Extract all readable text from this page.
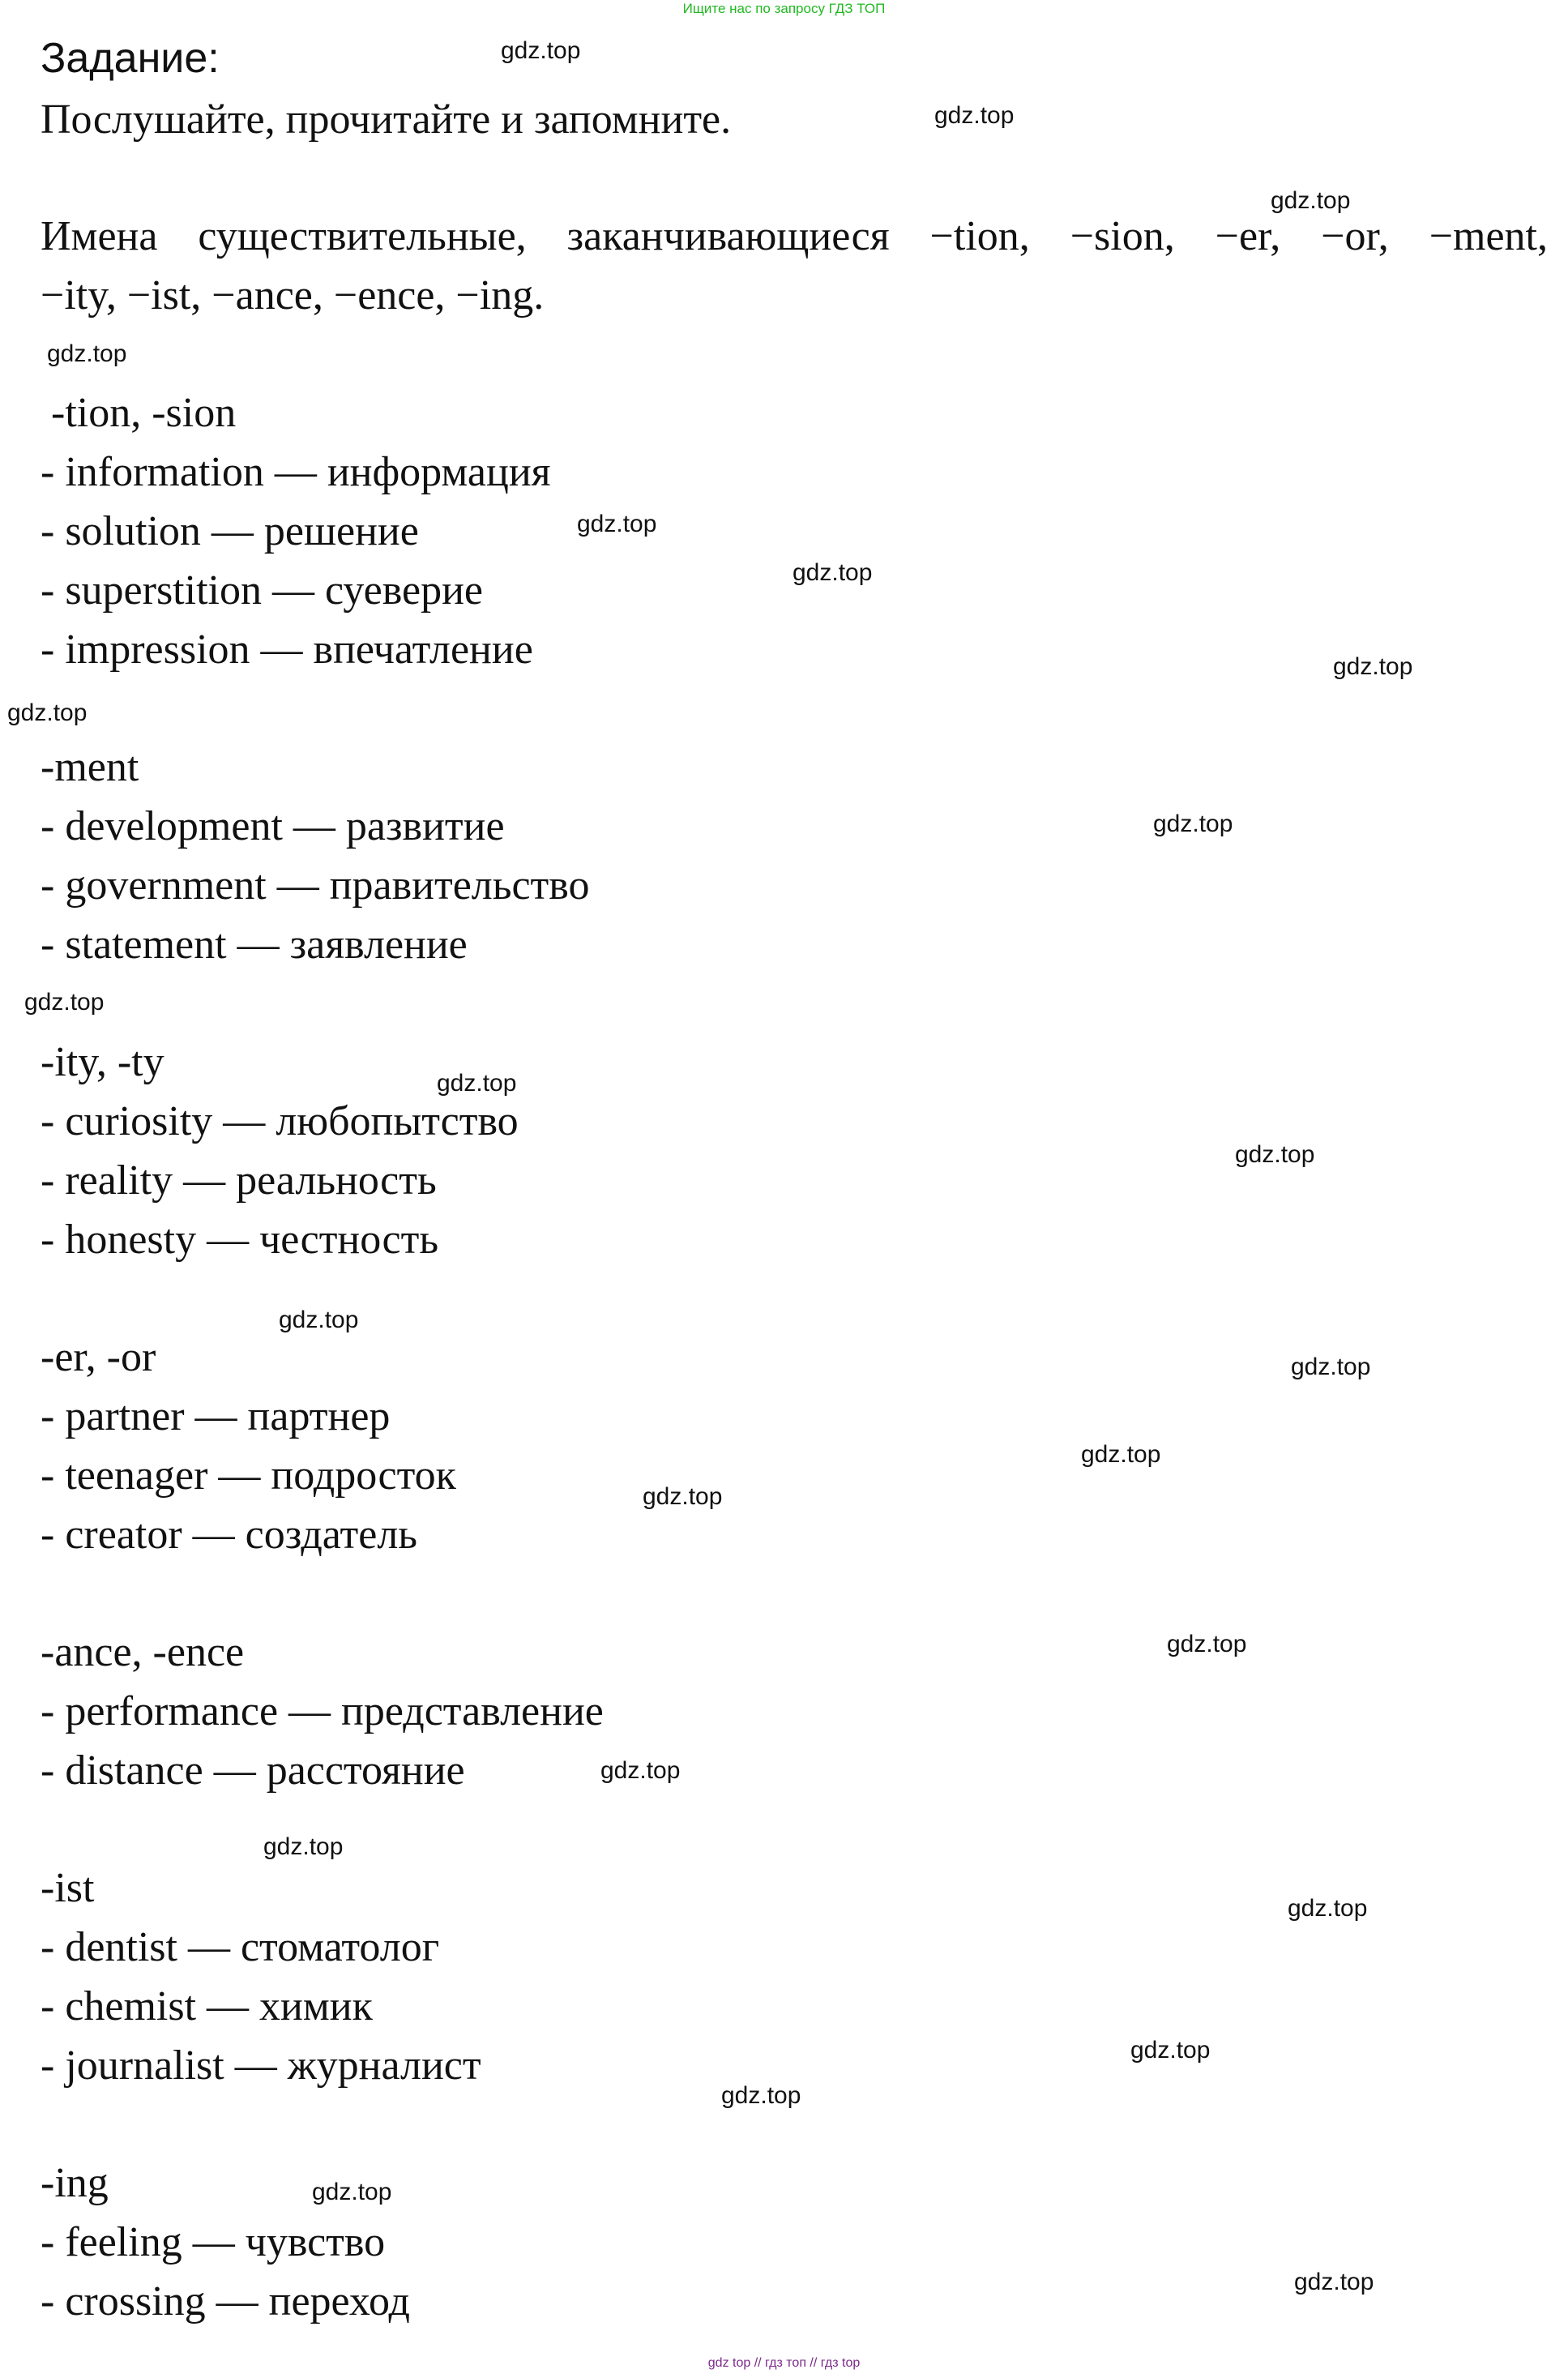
Ищите нас по запросу ГДЗ ТОП
Задание:
Послушайте, прочитайте и запомните.
Имена существительные, заканчивающиеся −tion, −sion, −er, −or, −ment,
−ity, −ist, −ance, −ence, −ing.
-tion, -sion
- information — информация
- solution — решение
- superstition — суеверие
- impression — впечатление
-ment
- development — развитие
- government — правительство
- statement — заявление
-ity, -ty
- curiosity — любопытство
- reality — реальность
- honesty — честность
-er, -or
- partner — партнер
- teenager — подросток
- creator — создатель
-ance, -ence
- performance — представление
- distance — расстояние
-ist
- dentist — стоматолог
- chemist — химик
- journalist — журналист
-ing
- feeling — чувство
- crossing — переход
gdz.top
gdz.top
gdz.top
gdz.top
gdz.top
gdz.top
gdz.top
gdz.top
gdz.top
gdz.top
gdz.top
gdz.top
gdz.top
gdz.top
gdz.top
gdz.top
gdz.top
gdz.top
gdz.top
gdz.top
gdz.top
gdz.top
gdz.top
gdz.top
gdz top // гдз топ // гдз top
